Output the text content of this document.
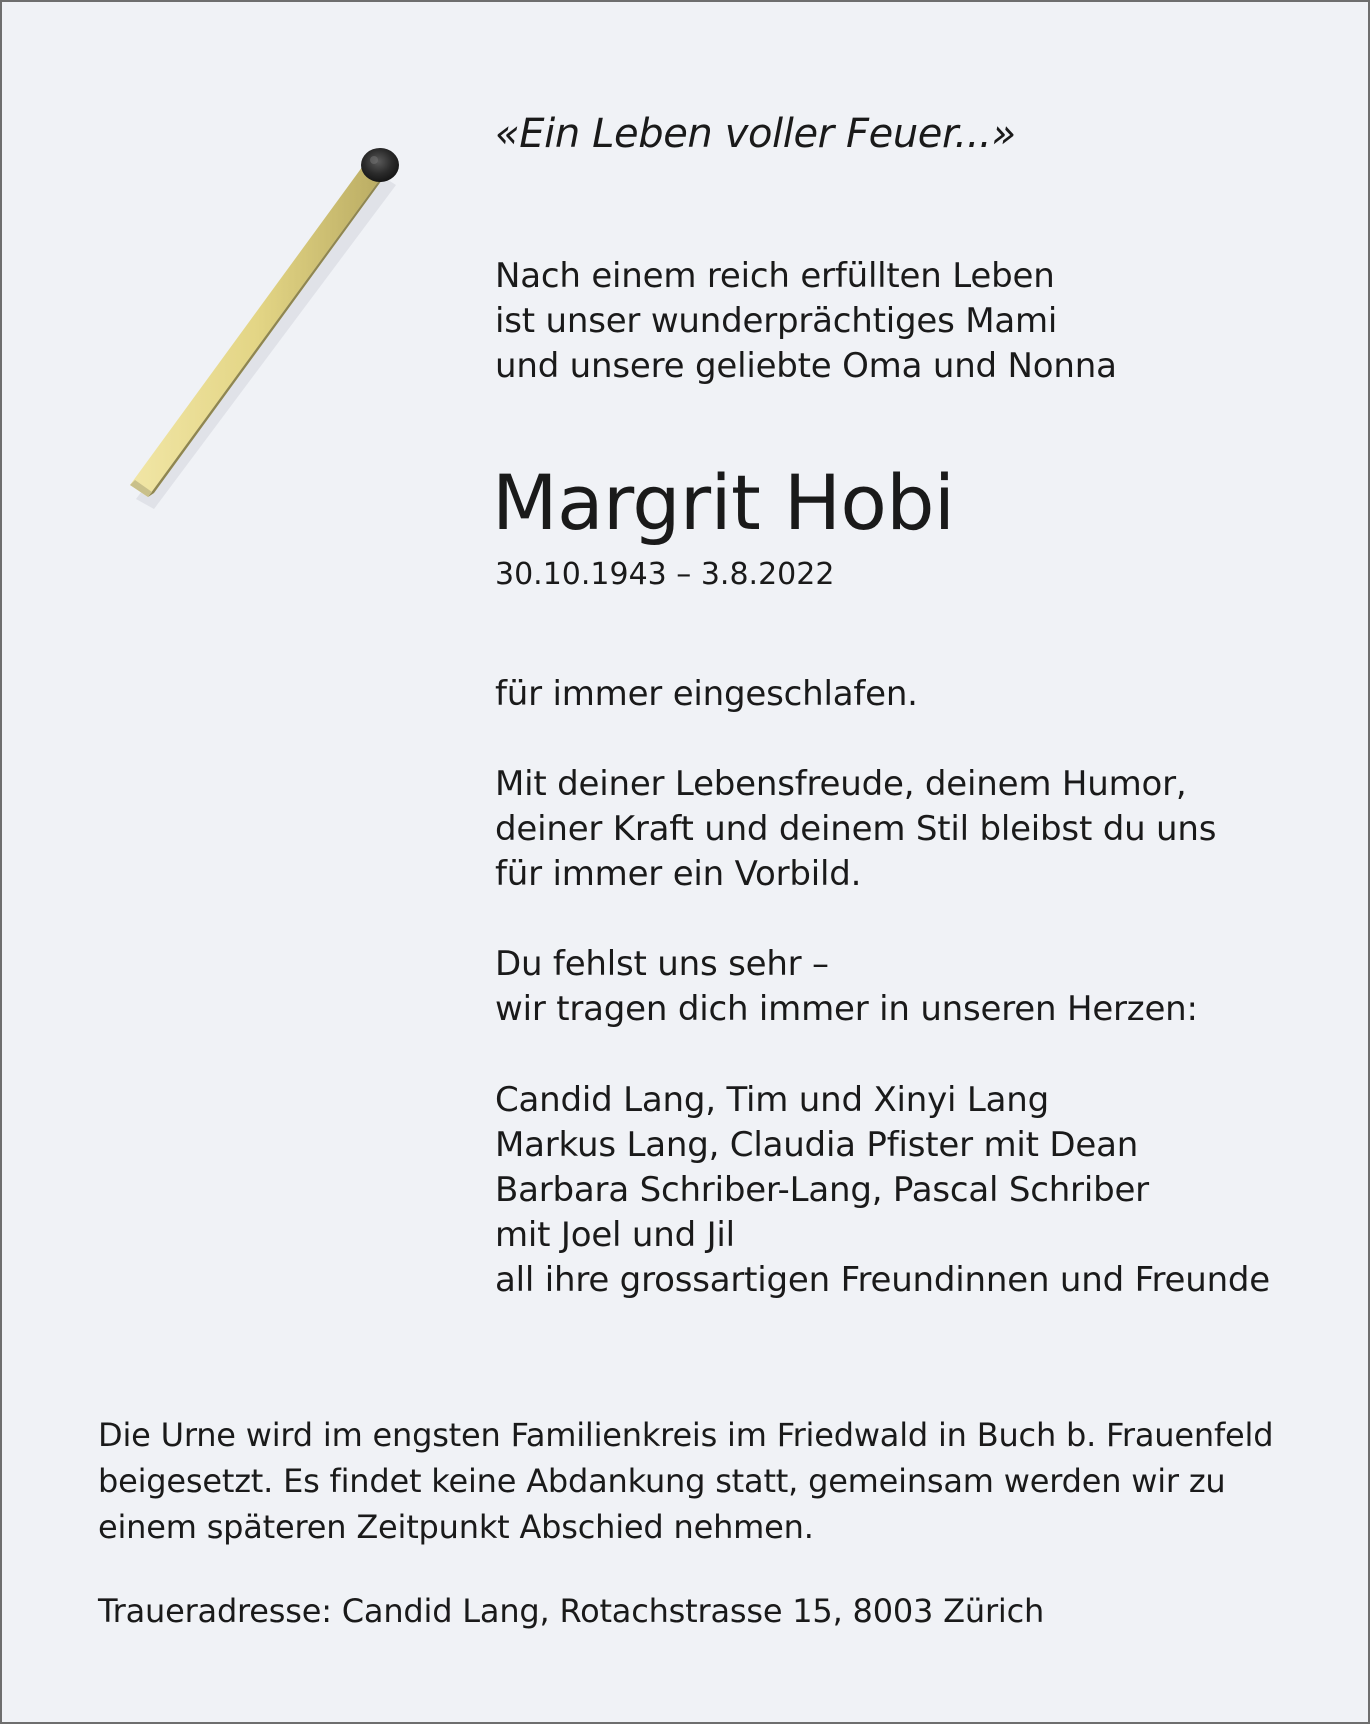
«Ein Leben voller Feuer...»
Nach einem reich erfüllten Leben
ist unser wunderprächtiges Mami
und unsere geliebte Oma und Nonna
Margrit Hobi
30.10.1943 – 3.8.2022
für immer eingeschlafen.
Mit deiner Lebensfreude, deinem Humor,
deiner Kraft und deinem Stil bleibst du uns
für immer ein Vorbild.
Du fehlst uns sehr –
wir tragen dich immer in unseren Herzen:
Candid Lang, Tim und Xinyi Lang
Markus Lang, Claudia Pfister mit Dean
Barbara Schriber-Lang, Pascal Schriber
mit Joel und Jil
all ihre grossartigen Freundinnen und Freunde
Die Urne wird im engsten Familienkreis im Friedwald in Buch b. Frauenfeld
beigesetzt. Es findet keine Abdankung statt, gemeinsam werden wir zu
einem späteren Zeitpunkt Abschied nehmen.
Traueradresse: Candid Lang, Rotachstrasse 15, 8003 Zürich
